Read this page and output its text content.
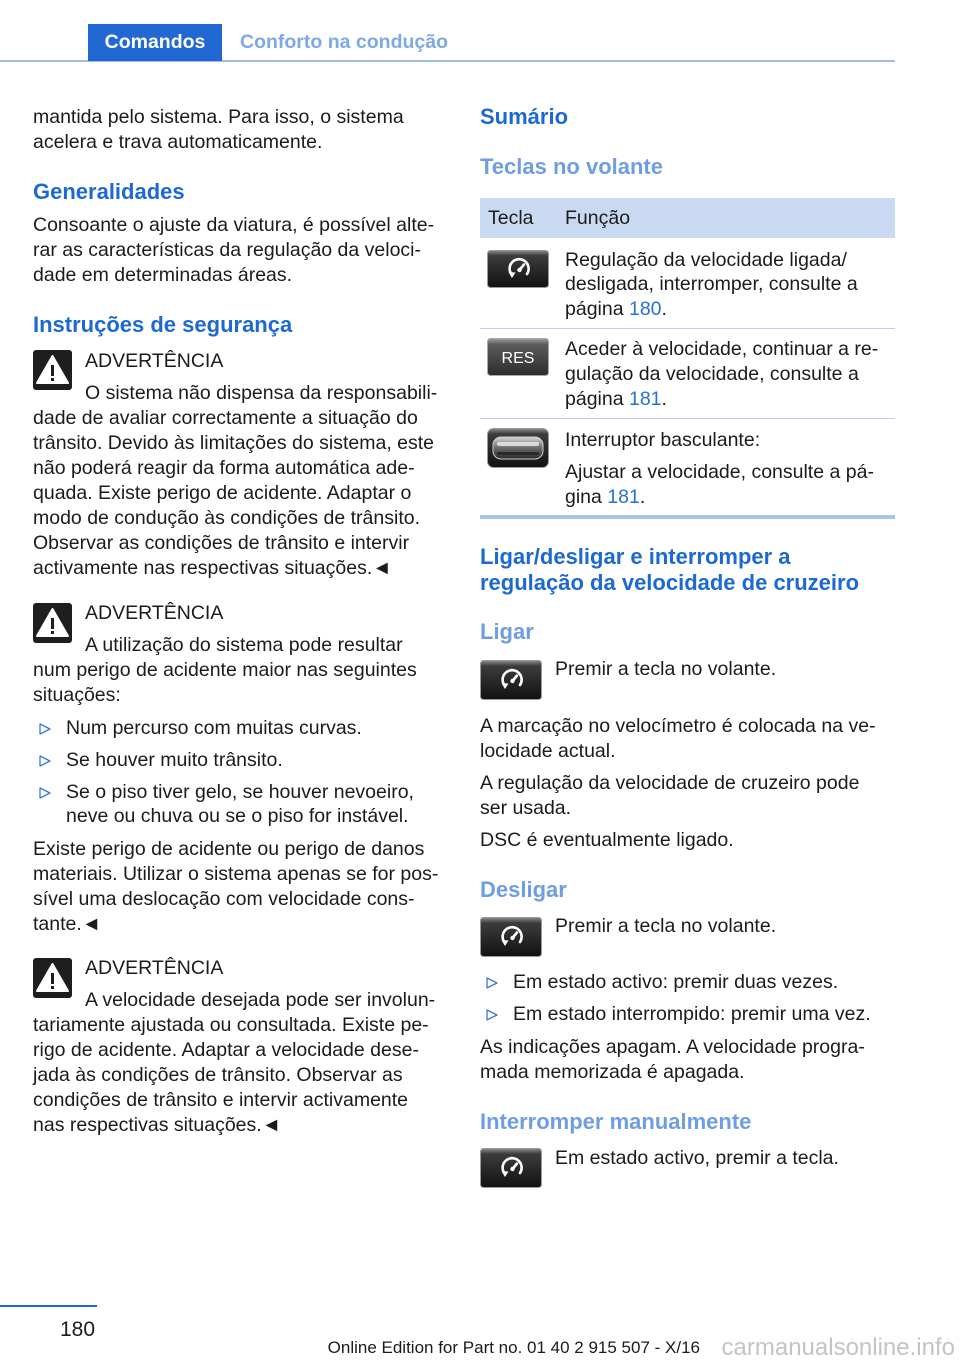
Comandos	Conforto na condução
mantida pelo sistema. Para isso, o sistema
acelera e trava automaticamente.
Generalidades
Consoante o ajuste da viatura, é possível alte-
rar as características da regulação da veloci-
dade em determinadas áreas.
Instruções de segurança
ADVERTÊNCIA
O sistema não dispensa da responsabili-
dade de avaliar correctamente a situação do
trânsito. Devido às limitações do sistema, este
não poderá reagir da forma automática ade-
quada. Existe perigo de acidente. Adaptar o
modo de condução às condições de trânsito.
Observar as condições de trânsito e intervir
activamente nas respectivas situações.◄
ADVERTÊNCIA
A utilização do sistema pode resultar
num perigo de acidente maior nas seguintes
situações:
Num percurso com muitas curvas.
Se houver muito trânsito.
Se o piso tiver gelo, se houver nevoeiro,
neve ou chuva ou se o piso for instável.
Existe perigo de acidente ou perigo de danos
materiais. Utilizar o sistema apenas se for pos-
sível uma deslocação com velocidade cons-
tante.◄
ADVERTÊNCIA
A velocidade desejada pode ser involun-
tariamente ajustada ou consultada. Existe pe-
rigo de acidente. Adaptar a velocidade dese-
jada às condições de trânsito. Observar as
condições de trânsito e intervir activamente
nas respectivas situações.◄
Sumário
Teclas no volante
Tecla Função
Regulação da velocidade ligada/
desligada, interromper, consulte a
página 180.
RES Aceder à velocidade, continuar a re-
gulação da velocidade, consulte a
página 181.
Interruptor basculante:
Ajustar a velocidade, consulte a pá-
gina 181.
Ligar/desligar e interromper a
regulação da velocidade de cruzeiro
Ligar
Premir a tecla no volante.
A marcação no velocímetro é colocada na ve-
locidade actual.
A regulação da velocidade de cruzeiro pode
ser usada.
DSC é eventualmente ligado.
Desligar
Premir a tecla no volante.
Em estado activo: premir duas vezes.
Em estado interrompido: premir uma vez.
As indicações apagam. A velocidade progra-
mada memorizada é apagada.
Interromper manualmente
Em estado activo, premir a tecla.
180
Online Edition for Part no. 01 40 2 915 507 - X/16 carmanualsonline.info
